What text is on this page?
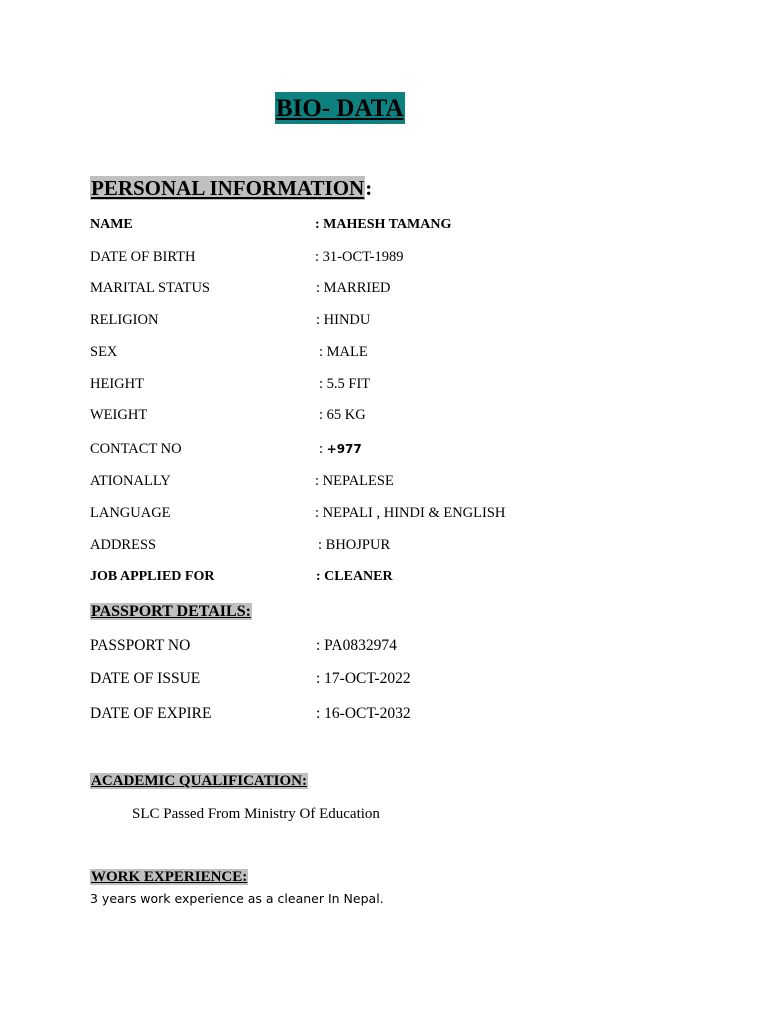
BIO- DATA
PERSONAL INFORMATION:
NAME	: MAHESH TAMANG
DATE OF BIRTH	: 31-OCT-1989
MARITAL STATUS	: MARRIED
RELIGION	: HINDU
SEX	: MALE
HEIGHT	: 5.5 FIT
WEIGHT	: 65 KG
CONTACT NO	: +977
ATIONALLY	: NEPALESE
LANGUAGE	: NEPALI , HINDI & ENGLISH
ADDRESS	: BHOJPUR
JOB APPLIED FOR	: CLEANER
PASSPORT DETAILS:
PASSPORT NO	: PA0832974
DATE OF ISSUE	: 17-OCT-2022
DATE OF EXPIRE	: 16-OCT-2032
ACADEMIC QUALIFICATION:
SLC Passed From Ministry Of Education
WORK EXPERIENCE:
3 years work experience as a cleaner In Nepal.
